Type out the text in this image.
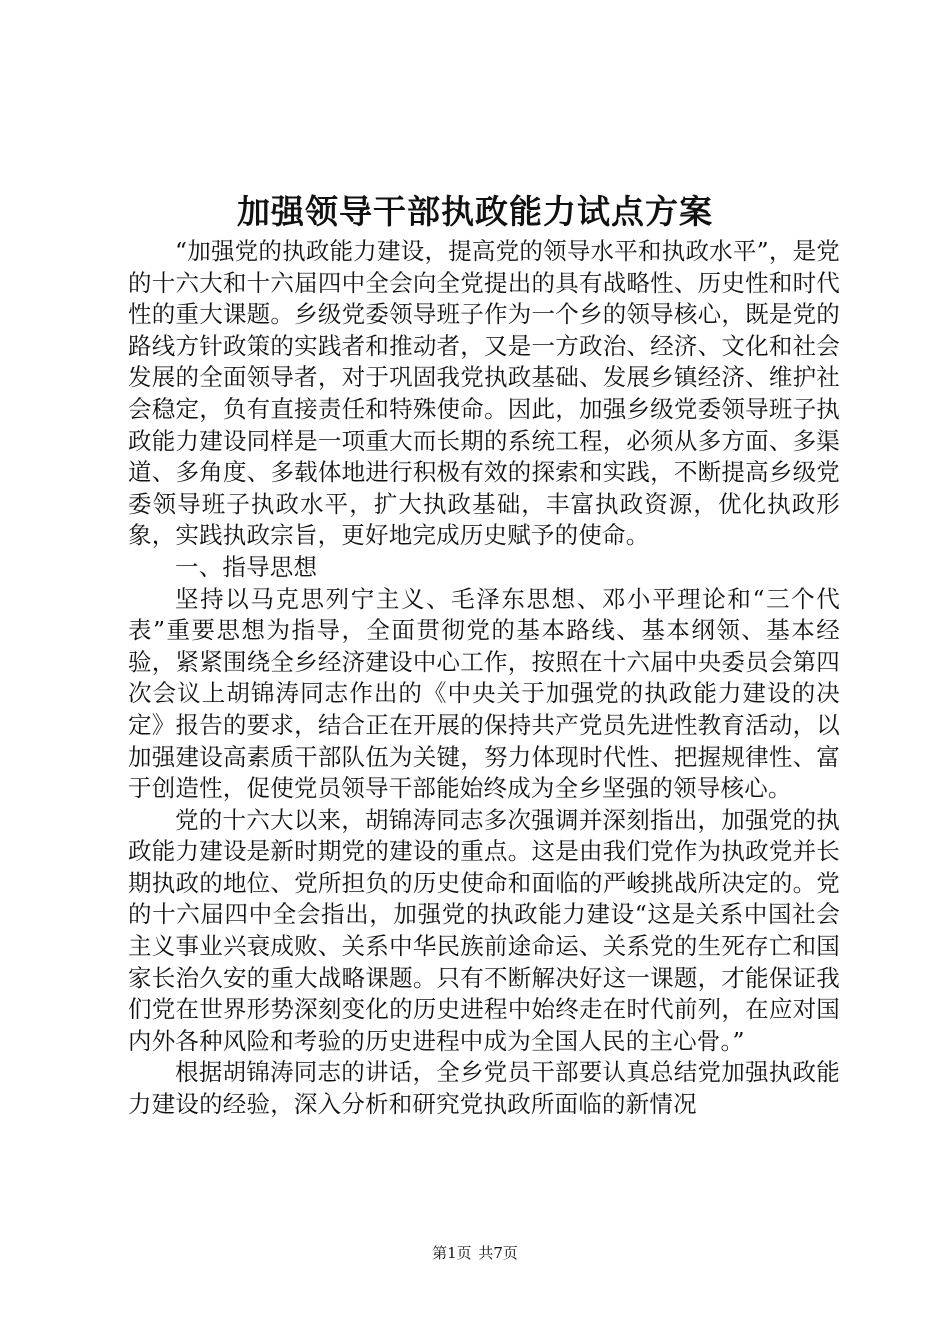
加强领导干部执政能力试点方案

“加强党的执政能力建设，提高党的领导水平和执政水平”，是党的十六大和十六届四中全会向全党提出的具有战略性、历史性和时代性的重大课题。乡级党委领导班子作为一个乡的领导核心，既是党的路线方针政策的实践者和推动者，又是一方政治、经济、文化和社会发展的全面领导者，对于巩固我党执政基础、发展乡镇经济、维护社会稳定，负有直接责任和特殊使命。因此，加强乡级党委领导班子执政能力建设同样是一项重大而长期的系统工程，必须从多方面、多渠道、多角度、多载体地进行积极有效的探索和实践，不断提高乡级党委领导班子执政水平，扩大执政基础，丰富执政资源，优化执政形象，实践执政宗旨，更好地完成历史赋予的使命。

一、指导思想

坚持以马克思列宁主义、毛泽东思想、邓小平理论和“三个代表”重要思想为指导，全面贯彻党的基本路线、基本纲领、基本经验，紧紧围绕全乡经济建设中心工作，按照在十六届中央委员会第四次会议上胡锦涛同志作出的《中央关于加强党的执政能力建设的决定》报告的要求，结合正在开展的保持共产党员先进性教育活动，以加强建设高素质干部队伍为关键，努力体现时代性、把握规律性、富于创造性，促使党员领导干部能始终成为全乡坚强的领导核心。

党的十六大以来，胡锦涛同志多次强调并深刻指出，加强党的执政能力建设是新时期党的建设的重点。这是由我们党作为执政党并长期执政的地位、党所担负的历史使命和面临的严峻挑战所决定的。党的十六届四中全会指出，加强党的执政能力建设“这是关系中国社会主义事业兴衰成败、关系中华民族前途命运、关系党的生死存亡和国家长治久安的重大战略课题。只有不断解决好这一课题，才能保证我们党在世界形势深刻变化的历史进程中始终走在时代前列，在应对国内外各种风险和考验的历史进程中成为全国人民的主心骨。”

根据胡锦涛同志的讲话，全乡党员干部要认真总结党加强执政能力建设的经验，深入分析和研究党执政所面临的新情况

第1页 共7页
